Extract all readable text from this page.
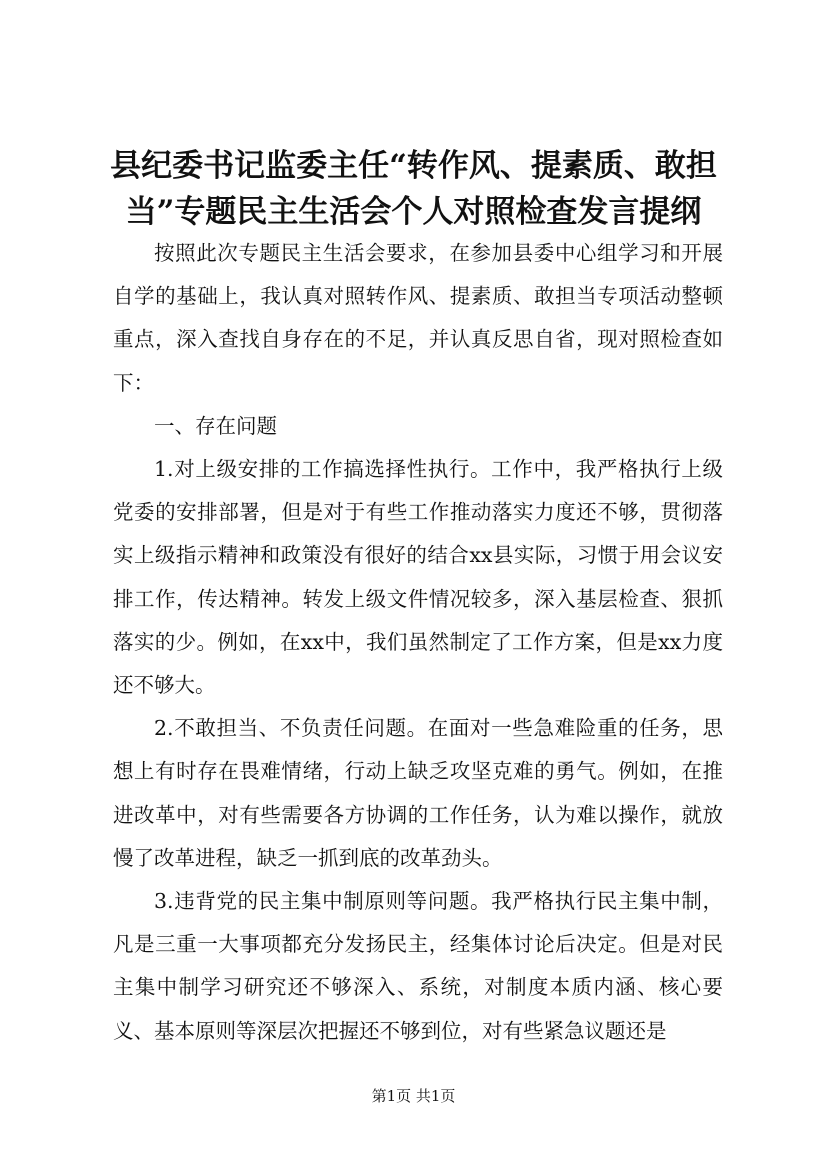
县纪委书记监委主任“转作风、提素质、敢担当”专题民主生活会个人对照检查发言提纲

按照此次专题民主生活会要求，在参加县委中心组学习和开展自学的基础上，我认真对照转作风、提素质、敢担当专项活动整顿重点，深入查找自身存在的不足，并认真反思自省，现对照检查如下：

一、存在问题

1.对上级安排的工作搞选择性执行。工作中，我严格执行上级党委的安排部署，但是对于有些工作推动落实力度还不够，贯彻落实上级指示精神和政策没有很好的结合xx县实际，习惯于用会议安排工作，传达精神。转发上级文件情况较多，深入基层检查、狠抓落实的少。例如，在xx中，我们虽然制定了工作方案，但是xx力度还不够大。

2.不敢担当、不负责任问题。在面对一些急难险重的任务，思想上有时存在畏难情绪，行动上缺乏攻坚克难的勇气。例如，在推进改革中，对有些需要各方协调的工作任务，认为难以操作，就放慢了改革进程，缺乏一抓到底的改革劲头。

3.违背党的民主集中制原则等问题。我严格执行民主集中制，凡是三重一大事项都充分发扬民主，经集体讨论后决定。但是对民主集中制学习研究还不够深入、系统，对制度本质内涵、核心要义、基本原则等深层次把握还不够到位，对有些紧急议题还是

第1页 共1页
